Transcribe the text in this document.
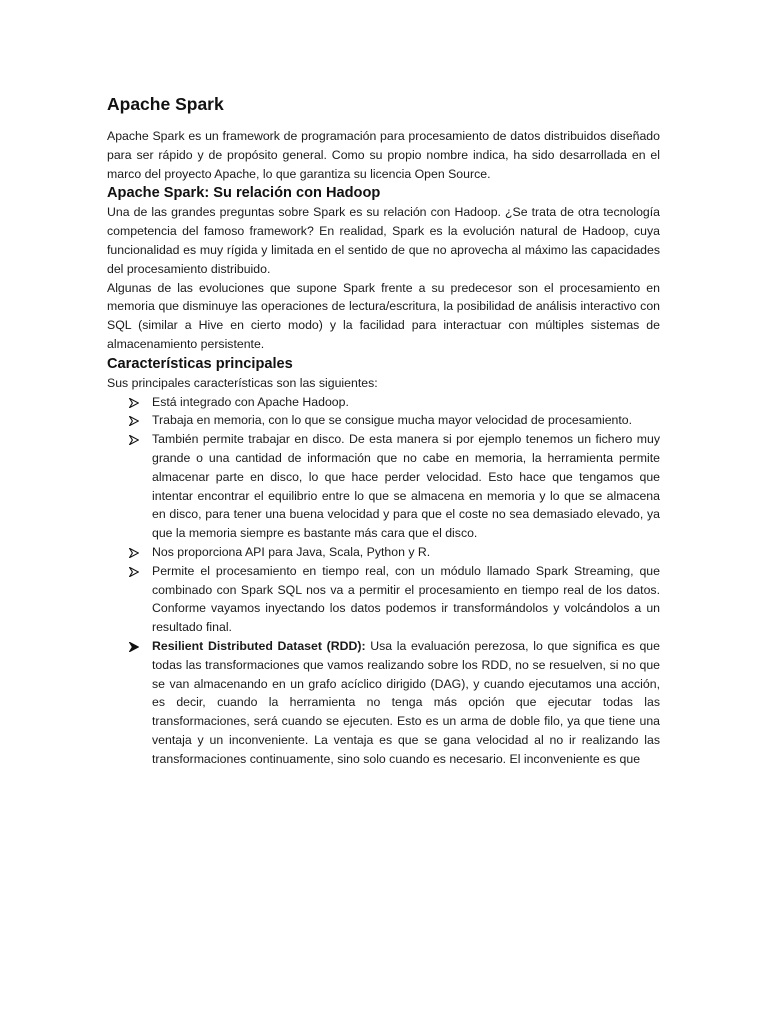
Apache Spark

Apache Spark es un framework de programación para procesamiento de datos distribuidos diseñado para ser rápido y de propósito general. Como su propio nombre indica, ha sido desarrollada en el marco del proyecto Apache, lo que garantiza su licencia Open Source.

Apache Spark: Su relación con Hadoop

Una de las grandes preguntas sobre Spark es su relación con Hadoop. ¿Se trata de otra tecnología competencia del famoso framework? En realidad, Spark es la evolución natural de Hadoop, cuya funcionalidad es muy rígida y limitada en el sentido de que no aprovecha al máximo las capacidades del procesamiento distribuido.

Algunas de las evoluciones que supone Spark frente a su predecesor son el procesamiento en memoria que disminuye las operaciones de lectura/escritura, la posibilidad de análisis interactivo con SQL (similar a Hive en cierto modo) y la facilidad para interactuar con múltiples sistemas de almacenamiento persistente.

Características principales

Sus principales características son las siguientes:

Está integrado con Apache Hadoop.
Trabaja en memoria, con lo que se consigue mucha mayor velocidad de procesamiento.
También permite trabajar en disco. De esta manera si por ejemplo tenemos un fichero muy grande o una cantidad de información que no cabe en memoria, la herramienta permite almacenar parte en disco, lo que hace perder velocidad. Esto hace que tengamos que intentar encontrar el equilibrio entre lo que se almacena en memoria y lo que se almacena en disco, para tener una buena velocidad y para que el coste no sea demasiado elevado, ya que la memoria siempre es bastante más cara que el disco.
Nos proporciona API para Java, Scala, Python y R.
Permite el procesamiento en tiempo real, con un módulo llamado Spark Streaming, que combinado con Spark SQL nos va a permitir el procesamiento en tiempo real de los datos. Conforme vayamos inyectando los datos podemos ir transformándolos y volcándolos a un resultado final.
Resilient Distributed Dataset (RDD): Usa la evaluación perezosa, lo que significa es que todas las transformaciones que vamos realizando sobre los RDD, no se resuelven, si no que se van almacenando en un grafo acíclico dirigido (DAG), y cuando ejecutamos una acción, es decir, cuando la herramienta no tenga más opción que ejecutar todas las transformaciones, será cuando se ejecuten. Esto es un arma de doble filo, ya que tiene una ventaja y un inconveniente. La ventaja es que se gana velocidad al no ir realizando las transformaciones continuamente, sino solo cuando es necesario. El inconveniente es que
